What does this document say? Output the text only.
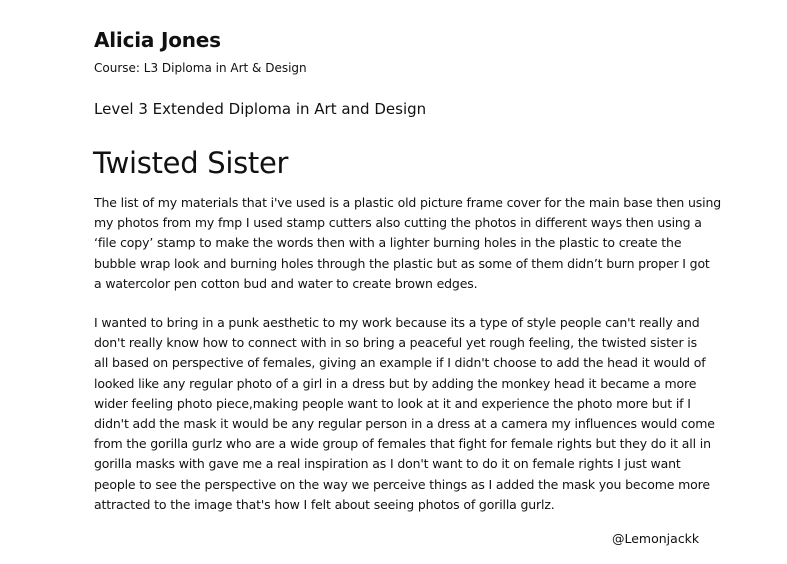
Alicia Jones
Course: L3 Diploma in Art & Design
Level 3 Extended Diploma in Art and Design
Twisted Sister
The list of my materials that i've used is a plastic old picture frame cover for the main base then using
my photos from my fmp I used stamp cutters also cutting the photos in different ways then using a
‘file copy’ stamp to make the words then with a lighter burning holes in the plastic to create the
bubble wrap look and burning holes through the plastic but as some of them didn’t burn proper I got
a watercolor pen cotton bud and water to create brown edges.
I wanted to bring in a punk aesthetic to my work because its a type of style people can't really and
don't really know how to connect with in so bring a peaceful yet rough feeling, the twisted sister is
all based on perspective of females, giving an example if I didn't choose to add the head it would of
looked like any regular photo of a girl in a dress but by adding the monkey head it became a more
wider feeling photo piece,making people want to look at it and experience the photo more but if I
didn't add the mask it would be any regular person in a dress at a camera my influences would come
from the gorilla gurlz who are a wide group of females that fight for female rights but they do it all in
gorilla masks with gave me a real inspiration as I don't want to do it on female rights I just want
people to see the perspective on the way we perceive things as I added the mask you become more
attracted to the image that's how I felt about seeing photos of gorilla gurlz.
@Lemonjackk
